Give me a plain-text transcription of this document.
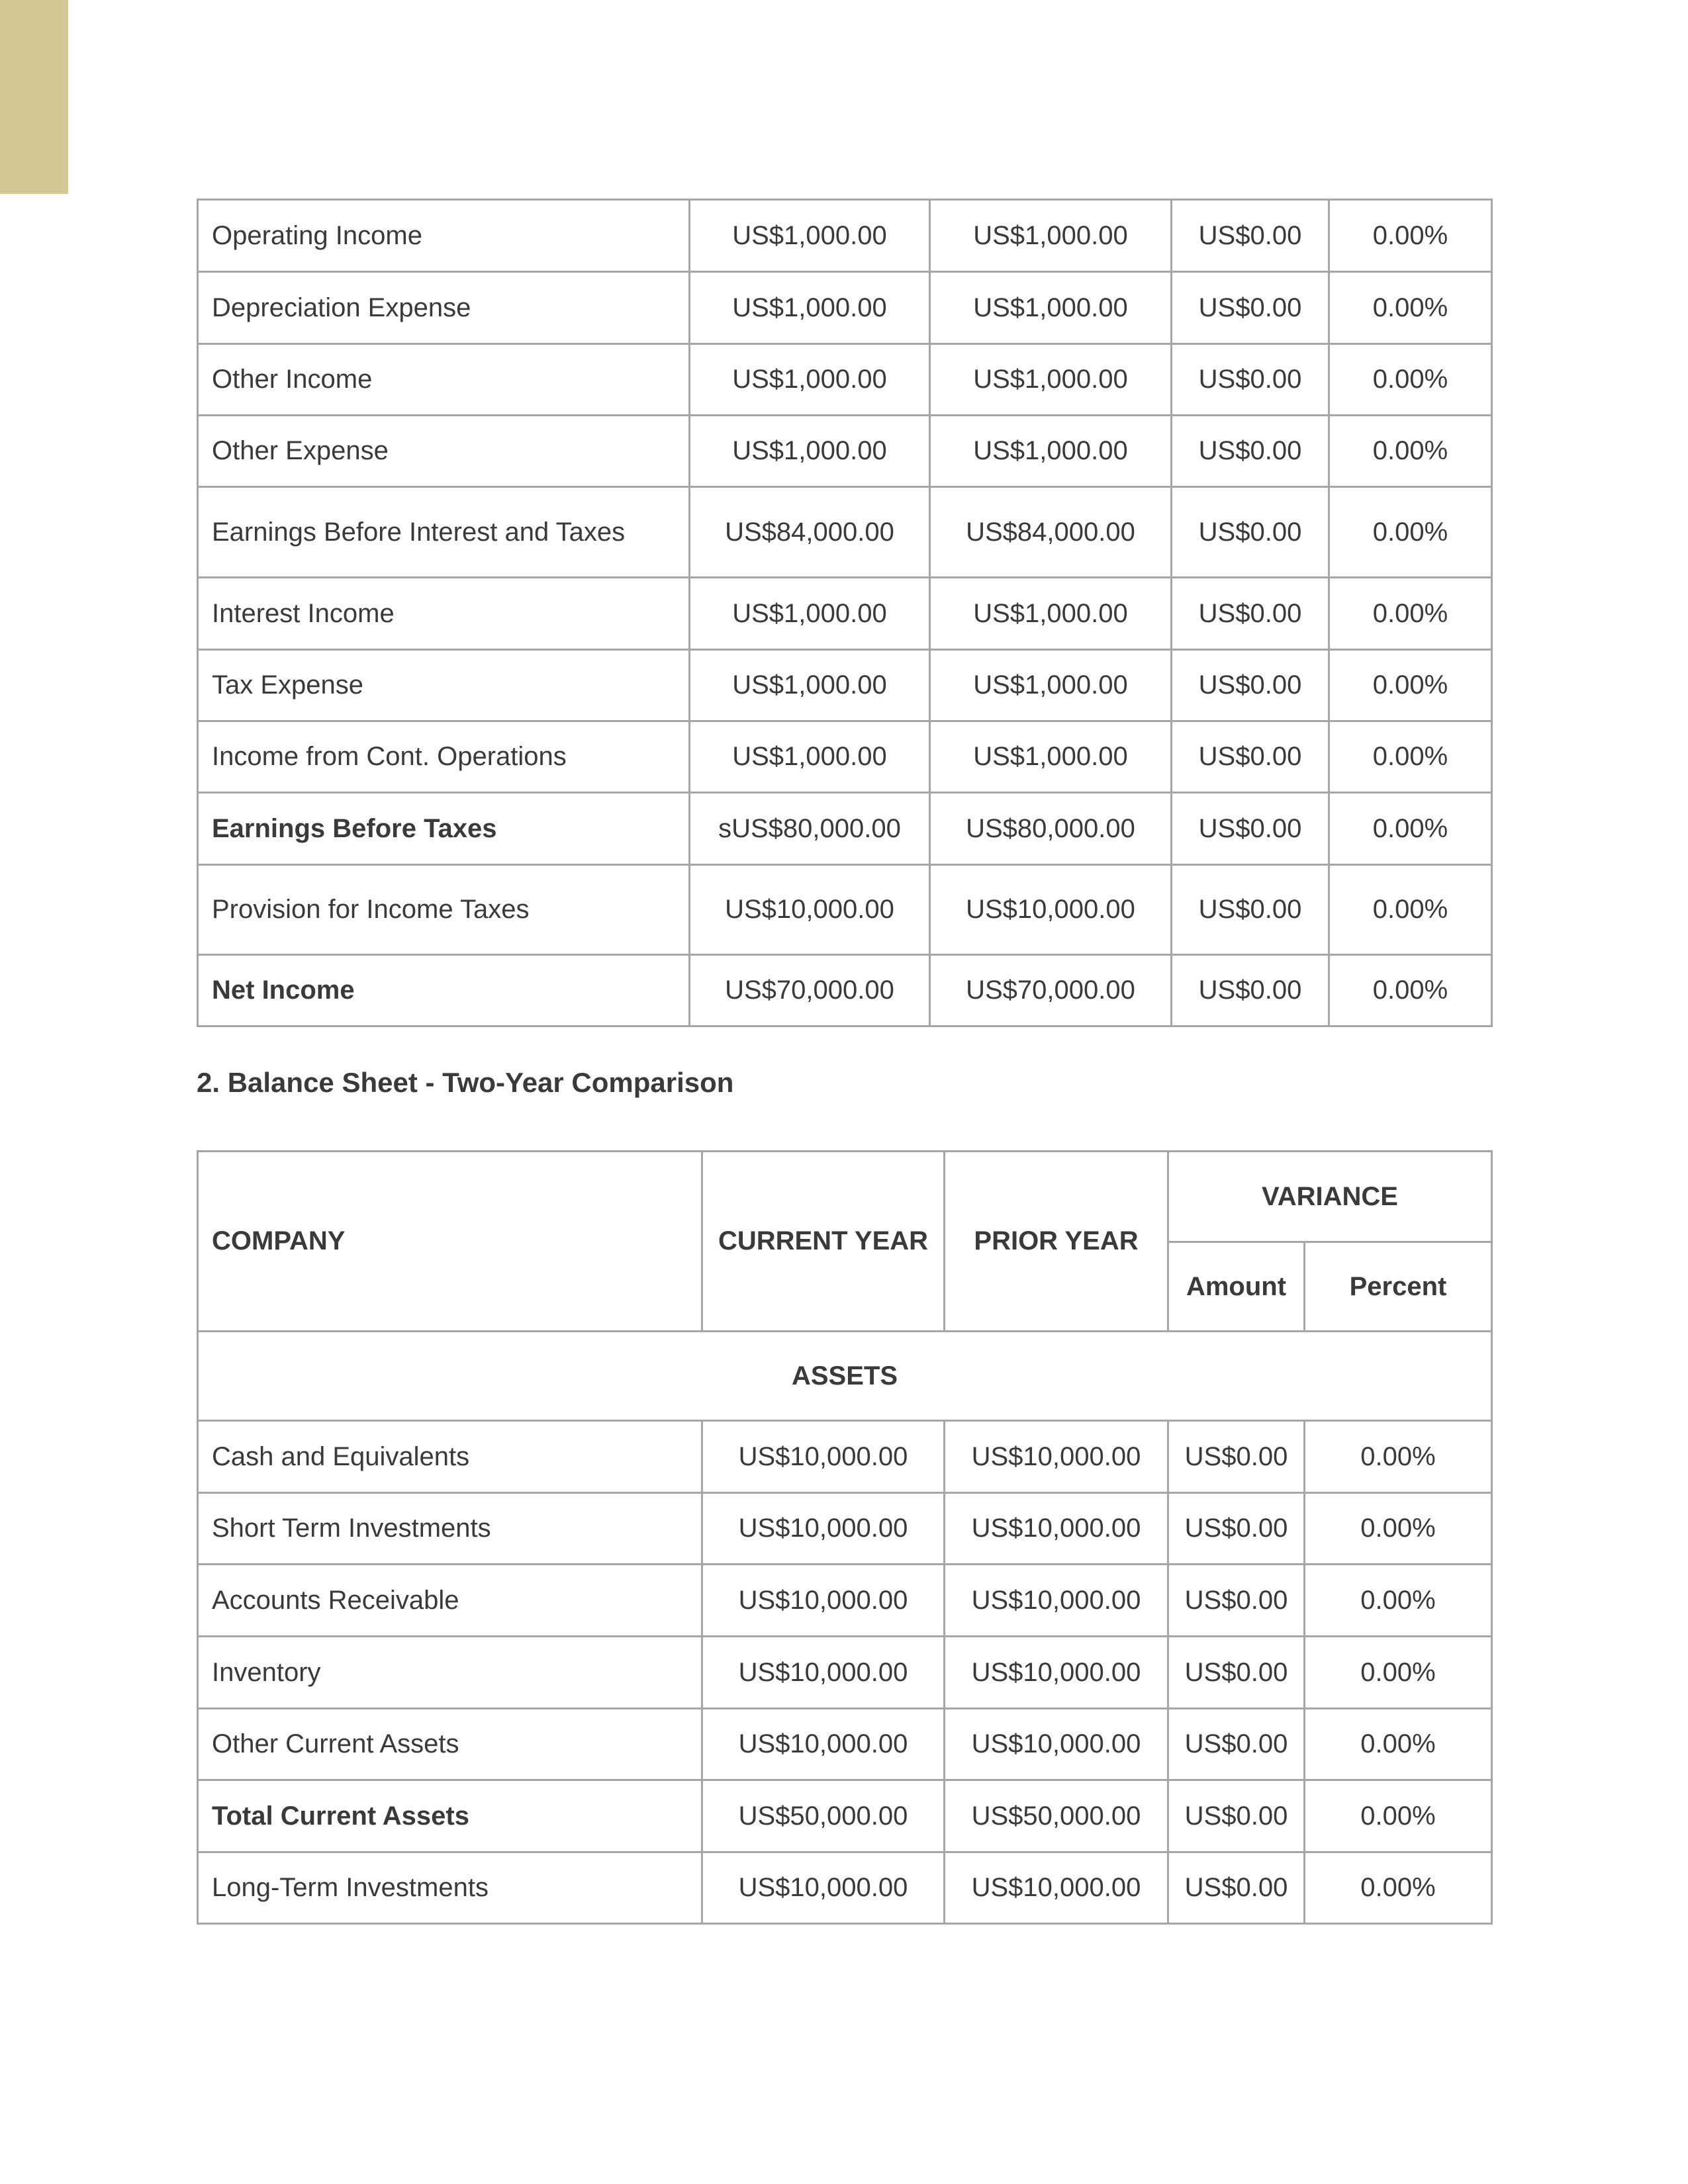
Operating Income	US$1,000.00	US$1,000.00	US$0.00	0.00%
Depreciation Expense	US$1,000.00	US$1,000.00	US$0.00	0.00%
Other Income	US$1,000.00	US$1,000.00	US$0.00	0.00%
Other Expense	US$1,000.00	US$1,000.00	US$0.00	0.00%
Earnings Before Interest and Taxes	US$84,000.00	US$84,000.00	US$0.00	0.00%
Interest Income	US$1,000.00	US$1,000.00	US$0.00	0.00%
Tax Expense	US$1,000.00	US$1,000.00	US$0.00	0.00%
Income from Cont. Operations	US$1,000.00	US$1,000.00	US$0.00	0.00%
Earnings Before Taxes	sUS$80,000.00	US$80,000.00	US$0.00	0.00%
Provision for Income Taxes	US$10,000.00	US$10,000.00	US$0.00	0.00%
Net Income	US$70,000.00	US$70,000.00	US$0.00	0.00%
2. Balance Sheet - Two-Year Comparison
COMPANY	CURRENT YEAR	PRIOR YEAR	VARIANCE	
			Amount	Percent
ASSETS				
Cash and Equivalents	US$10,000.00	US$10,000.00	US$0.00	0.00%
Short Term Investments	US$10,000.00	US$10,000.00	US$0.00	0.00%
Accounts Receivable	US$10,000.00	US$10,000.00	US$0.00	0.00%
Inventory	US$10,000.00	US$10,000.00	US$0.00	0.00%
Other Current Assets	US$10,000.00	US$10,000.00	US$0.00	0.00%
Total Current Assets	US$50,000.00	US$50,000.00	US$0.00	0.00%
Long-Term Investments	US$10,000.00	US$10,000.00	US$0.00	0.00%
